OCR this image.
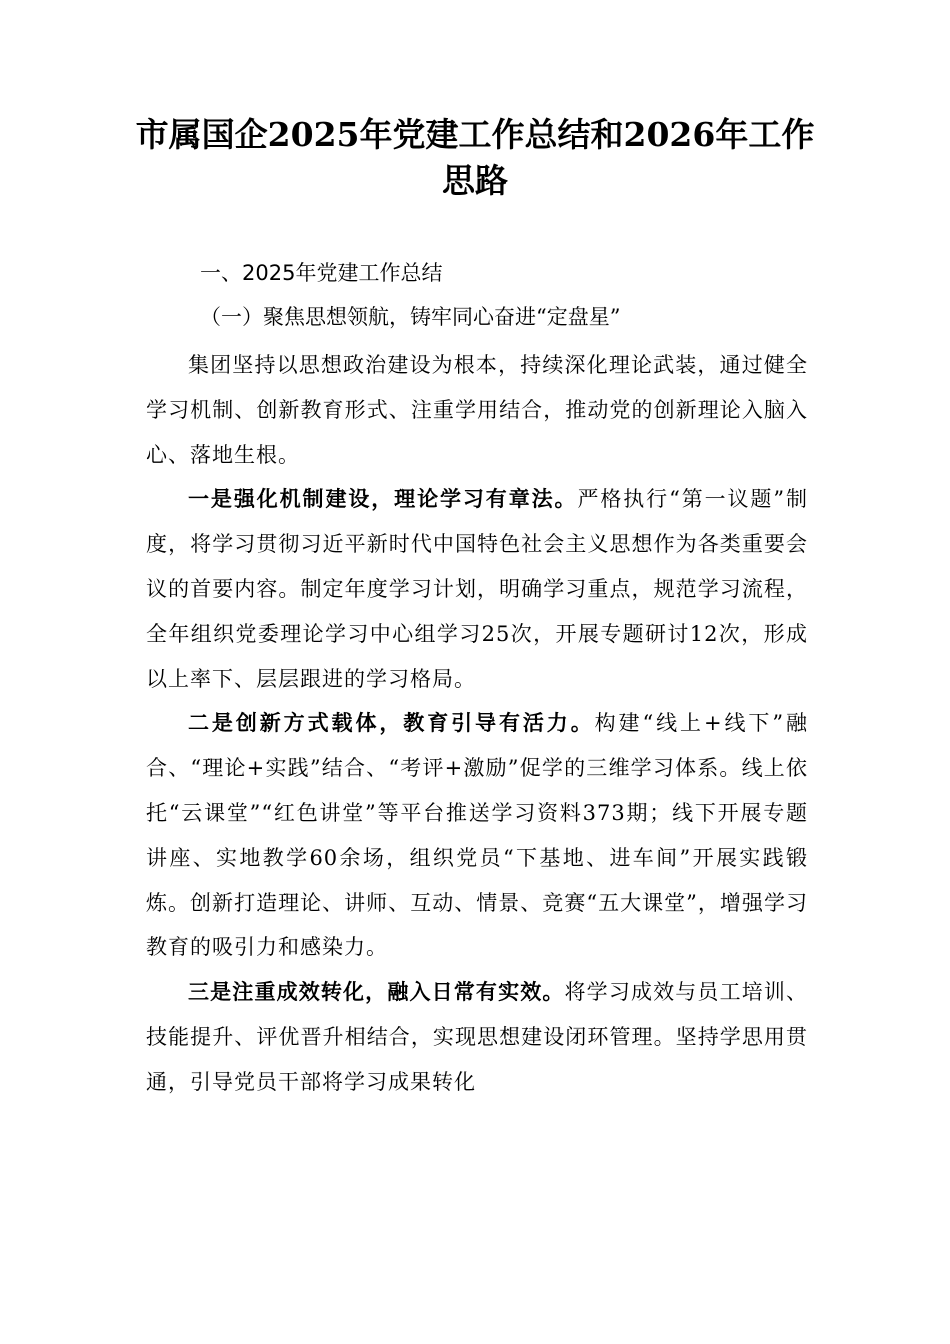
市属国企2025年党建工作总结和2026年工作思路
一、2025年党建工作总结
（一）聚焦思想领航，铸牢同心奋进“定盘星”

集团坚持以思想政治建设为根本，持续深化理论武装，通过健全学习机制、创新教育形式、注重学用结合，推动党的创新理论入脑入心、落地生根。

一是强化机制建设，理论学习有章法。严格执行“第一议题”制度，将学习贯彻习近平新时代中国特色社会主义思想作为各类重要会议的首要内容。制定年度学习计划，明确学习重点，规范学习流程，全年组织党委理论学习中心组学习25次，开展专题研讨12次，形成以上率下、层层跟进的学习格局。

二是创新方式载体，教育引导有活力。构建“线上+线下”融合、“理论+实践”结合、“考评+激励”促学的三维学习体系。线上依托“云课堂”“红色讲堂”等平台推送学习资料373期；线下开展专题讲座、实地教学60余场，组织党员“下基地、进车间”开展实践锻炼。创新打造理论、讲师、互动、情景、竞赛“五大课堂”，增强学习教育的吸引力和感染力。

三是注重成效转化，融入日常有实效。将学习成效与员工培训、技能提升、评优晋升相结合，实现思想建设闭环管理。坚持学思用贯通，引导党员干部将学习成果转化
